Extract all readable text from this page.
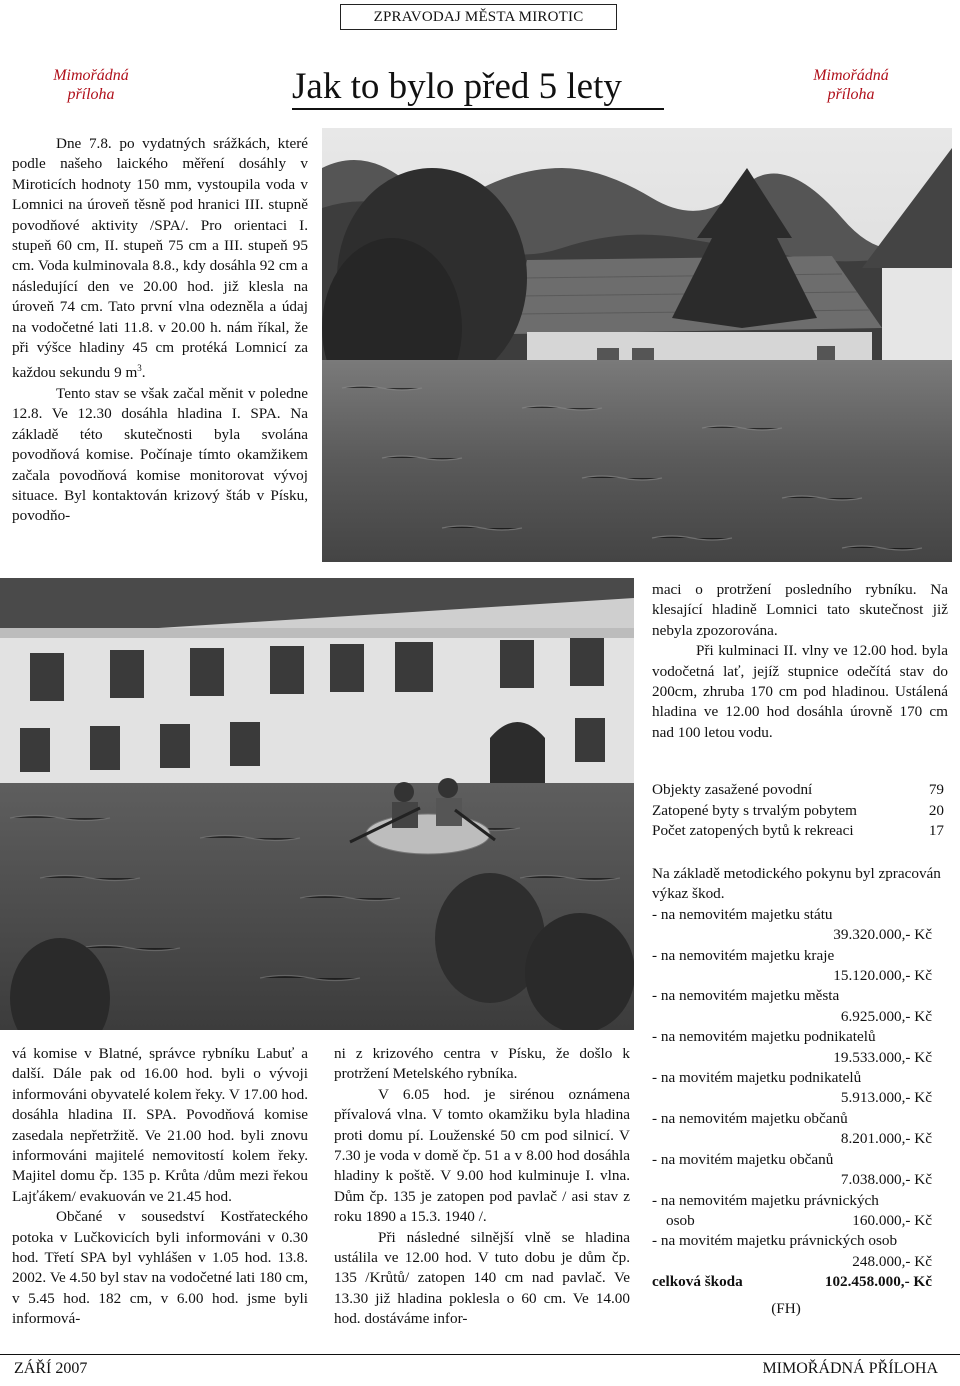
ZPRAVODAJ MĚSTA MIROTIC
Mimořádná
příloha
Mimořádná
příloha
Jak to bylo před 5 lety

Dne 7.8. po vydatných srážkách, které podle našeho laického měření dosáhly v Miroticích hodnoty 150 mm, vystoupila voda v Lomnici na úroveň těsně pod hranici III. stupně povodňové aktivity /SPA/. Pro orientaci I. stupeň 60 cm, II. stupeň 75 cm a III. stupeň 95 cm. Voda kulminovala 8.8., kdy dosáhla 92 cm a následující den ve 20.00 hod. již klesla na úroveň 74 cm. Tato první vlna odezněla a údaj na vodočetné lati 11.8. v 20.00 h. nám říkal, že při výšce hladiny 45 cm protéká Lomnicí za každou sekundu 9 $m^3$.

Tento stav se však začal měnit v poledne 12.8. Ve 12.30 dosáhla hladina I. SPA. Na základě této skutečnosti byla svolána povodňová komise. Počínaje tímto okamžikem začala povodňová komise monitorovat vývoj situace. Byl kontaktován krizový štáb v Písku, povodňo-

maci o protržení posledního rybníku. Na klesající hladině Lomnici tato skutečnost již nebyla zpozorována.

Při kulminaci II. vlny ve 12.00 hod. byla vodočetná lať, jejíž stupnice odečítá stav do 200cm, zhruba 170 cm pod hladinou. Ustálená hladina ve 12.00 hod dosáhla úrovně 170 cm nad 100 letou vodu.

Objekty zasažené povodní	79
Zatopené byty s trvalým pobytem	20
Počet zatopených bytů k rekreaci	17
Na základě metodického pokynu byl zpracován výkaz škod.
- na nemovitém majetku státu
39.320.000,- Kč
- na nemovitém majetku kraje
15.120.000,- Kč
- na nemovitém majetku města
6.925.000,- Kč
- na nemovitém majetku podnikatelů
19.533.000,- Kč
- na movitém majetku podnikatelů
5.913.000,- Kč
- na nemovitém majetku občanů
8.201.000,- Kč
- na movitém majetku občanů
7.038.000,- Kč
- na nemovitém majetku právnických
osob	160.000,- Kč
- na movitém majetku právnických osob
248.000,- Kč
celková škoda	102.458.000,- Kč
(FH)

vá komise v Blatné, správce rybníku Labuť a další. Dále pak od 16.00 hod. byli o vývoji informováni obyvatelé kolem řeky. V 17.00 hod. dosáhla hladina II. SPA. Povodňová komise zasedala nepřetržitě. Ve 21.00 hod. byli znovu informováni majitelé nemovitostí kolem řeky. Majitel domu čp. 135 p. Krůta /dům mezi řekou Lajťákem/ evakuován ve 21.45 hod.

Občané v sousedství Kostřateckého potoka v Lučkovicích byli informováni v 0.30 hod. Třetí SPA byl vyhlášen v 1.05 hod. 13.8. 2002. Ve 4.50 byl stav na vodočetné lati 180 cm, v 5.45 hod. 182 cm, v 6.00 hod. jsme byli informová-

ni z krizového centra v Písku, že došlo k protržení Metelského rybníka.

V 6.05 hod. je sirénou oznámena přívalová vlna. V tomto okamžiku byla hladina proti domu pí. Louženské 50 cm pod silnicí. V 7.30 je voda v domě čp. 51 a v 8.00 hod dosáhla hladiny k poště. V 9.00 hod kulminuje I. vlna. Dům čp. 135 je zatopen pod pavlač / asi stav z roku 1890 a 15.3. 1940 /.

Při následné silnější vlně se hladina ustálila ve 12.00 hod. V tuto dobu je dům čp. 135 /Krůtů/ zatopen 140 cm nad pavlač. Ve 13.30 již hladina poklesla o 60 cm. Ve 14.00 hod. dostáváme infor-

ZÁŘÍ 2007	MIMOŘÁDNÁ PŘÍLOHA
